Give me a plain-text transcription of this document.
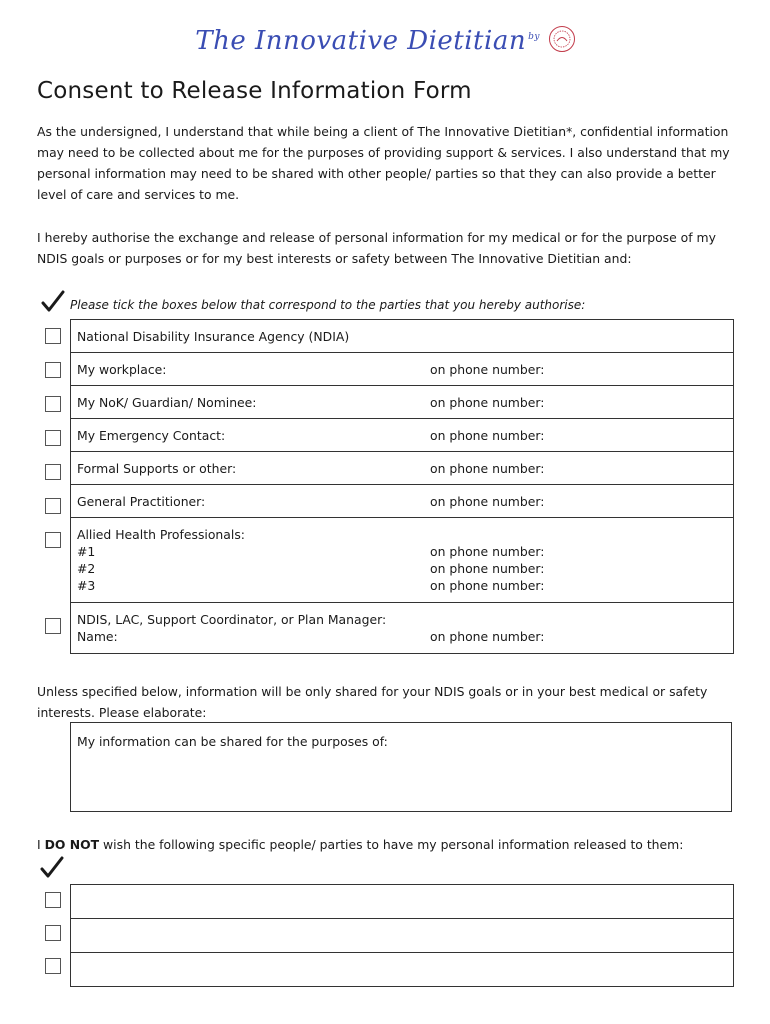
The Innovative Dietitian $^{by}$
Consent to Release Information Form

As the undersigned, I understand that while being a client of The Innovative Dietitian*, confidential information may need to be collected about me for the purposes of providing support & services. I also understand that my personal information may need to be shared with other people/ parties so that they can also provide a better level of care and services to me.

I hereby authorise the exchange and release of personal information for my medical or for the purpose of my NDIS goals or purposes or for my best interests or safety between The Innovative Dietitian and:

Please tick the boxes below that correspond to the parties that you hereby authorise:
National Disability Insurance Agency (NDIA)

My workplace:	on phone number:

My NoK/ Guardian/ Nominee:	on phone number:

My Emergency Contact:	on phone number:

Formal Supports or other:	on phone number:

General Practitioner:	on phone number:

Allied Health Professionals:
#1	on phone number:
#2	on phone number:
#3	on phone number:

NDIS, LAC, Support Coordinator, or Plan Manager:
Name:	on phone number:

Unless specified below, information will be only shared for your NDIS goals or in your best medical or safety interests. Please elaborate:

My information can be shared for the purposes of:

I DO NOT wish the following specific people/ parties to have my personal information released to them:
